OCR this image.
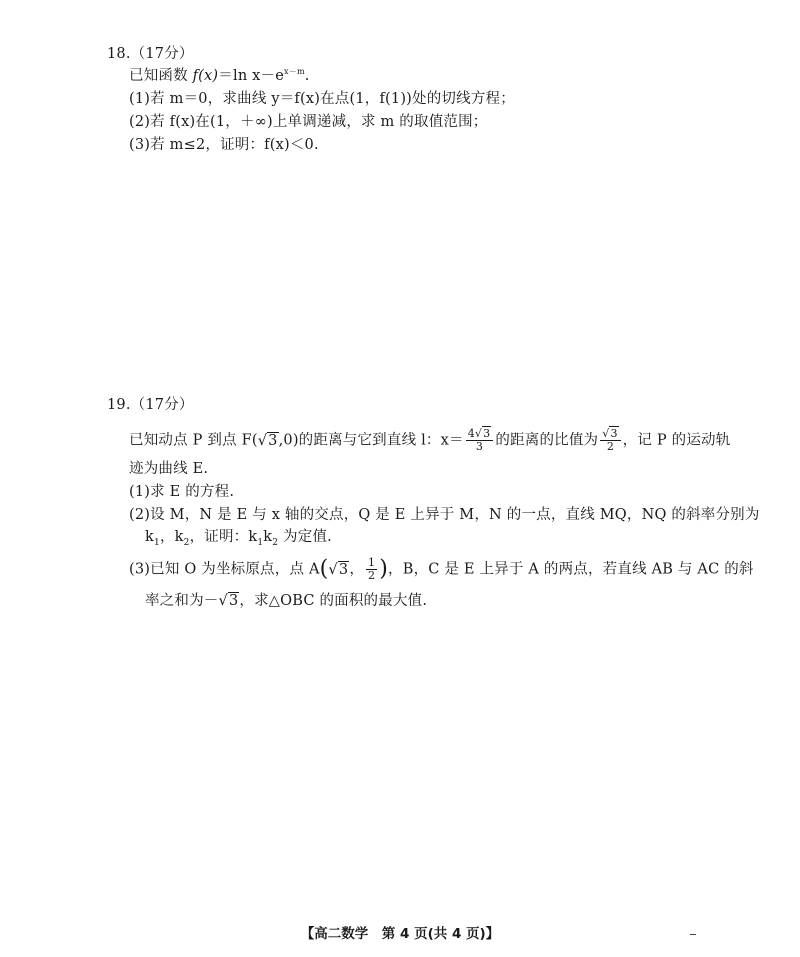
18.（17分）
已知函数 f(x)＝ln $x-e^{x-m}$.
(1)若 m＝0，求曲线 y＝f(x)在点(1，f(1))处的切线方程；
(2)若 f(x)在(1，＋∞)上单调递减，求 m 的取值范围；
(3)若 m≤2，证明：f(x)＜0.
19.（17分）
已知动点 P 到点 F(√3,0)的距离与它到直线 l：$x= \frac{4√3}{3}$ 的距离的比值为 $\frac{√3}{2}$ ，记 P 的运动轨
迹为曲线 E.
(1)求 E 的方程.
(2)设 M，N 是 E 与 x 轴的交点，Q 是 E 上异于 M，N 的一点，直线 MQ，NQ 的斜率分别为
$k_1$，$k_2$，证明：$k_1k_2$ 为定值.
(3)已知 O 为坐标原点，点 A(√3， $\frac{1}{2}$ )，B，C 是 E 上异于 A 的两点，若直线 AB 与 AC 的斜
率之和为－√3，求△OBC 的面积的最大值.
【高二数学　第 4 页(共 4 页)】
